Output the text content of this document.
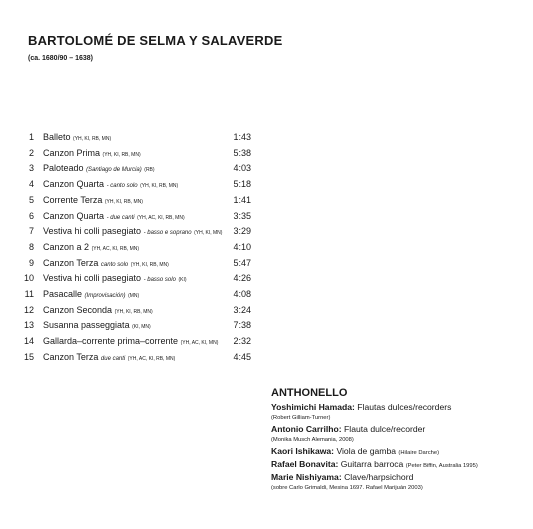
BARTOLOMÉ DE SELMA Y SALAVERDE
(ca. 1680/90 – 1638)
1 Balleto (YH, KI, RB, MN)	1:43
2 Canzon Prima (YH, KI, RB, MN)	5:38
3 Paloteado (Santiago de Murcia) (RB)	4:03
4 Canzon Quarta - canto solo (YH, KI, RB, MN)	5:18
5 Corrente Terza (YH, KI, RB, MN)	1:41
6 Canzon Quarta - due canti (YH, AC, KI, RB, MN)	3:35
7 Vestiva hi colli pasegiato - basso e soprano (YH, KI, MN) 3:29
8 Canzon a 2 (YH, AC, KI, RB, MN)	4:10
9 Canzon Terza canto solo (YH, KI, RB, MN)	5:47
10 Vestiva hi colli pasegiato - basso solo (KI)	4:26
11 Pasacalle (Improvisación) (MN)	4:08
12 Canzon Seconda (YH, KI, RB, MN)	3:24
13 Susanna passeggiata (KI, MN)	7:38
14 Gallarda–corrente prima–corrente (YH, AC, KI, MN) 2:32
15 Canzon Terza due canti (YH, AC, KI, RB, MN)	4:45
ANTHONELLO
Yoshimichi Hamada: Flautas dulces/recorders
(Robert Gilliam-Turner)
Antonio Carrilho: Flauta dulce/recorder
(Monika Musch Alemania, 2008)
Kaori Ishikawa: Viola de gamba (Hilaire Darche)
Rafael Bonavita: Guitarra barroca (Peter Biffin, Australia 1995)
Marie Nishiyama: Clave/harpsichord
(sobre Carlo Grimaldi, Mesina 1697. Rafael Marijuán 2003)
